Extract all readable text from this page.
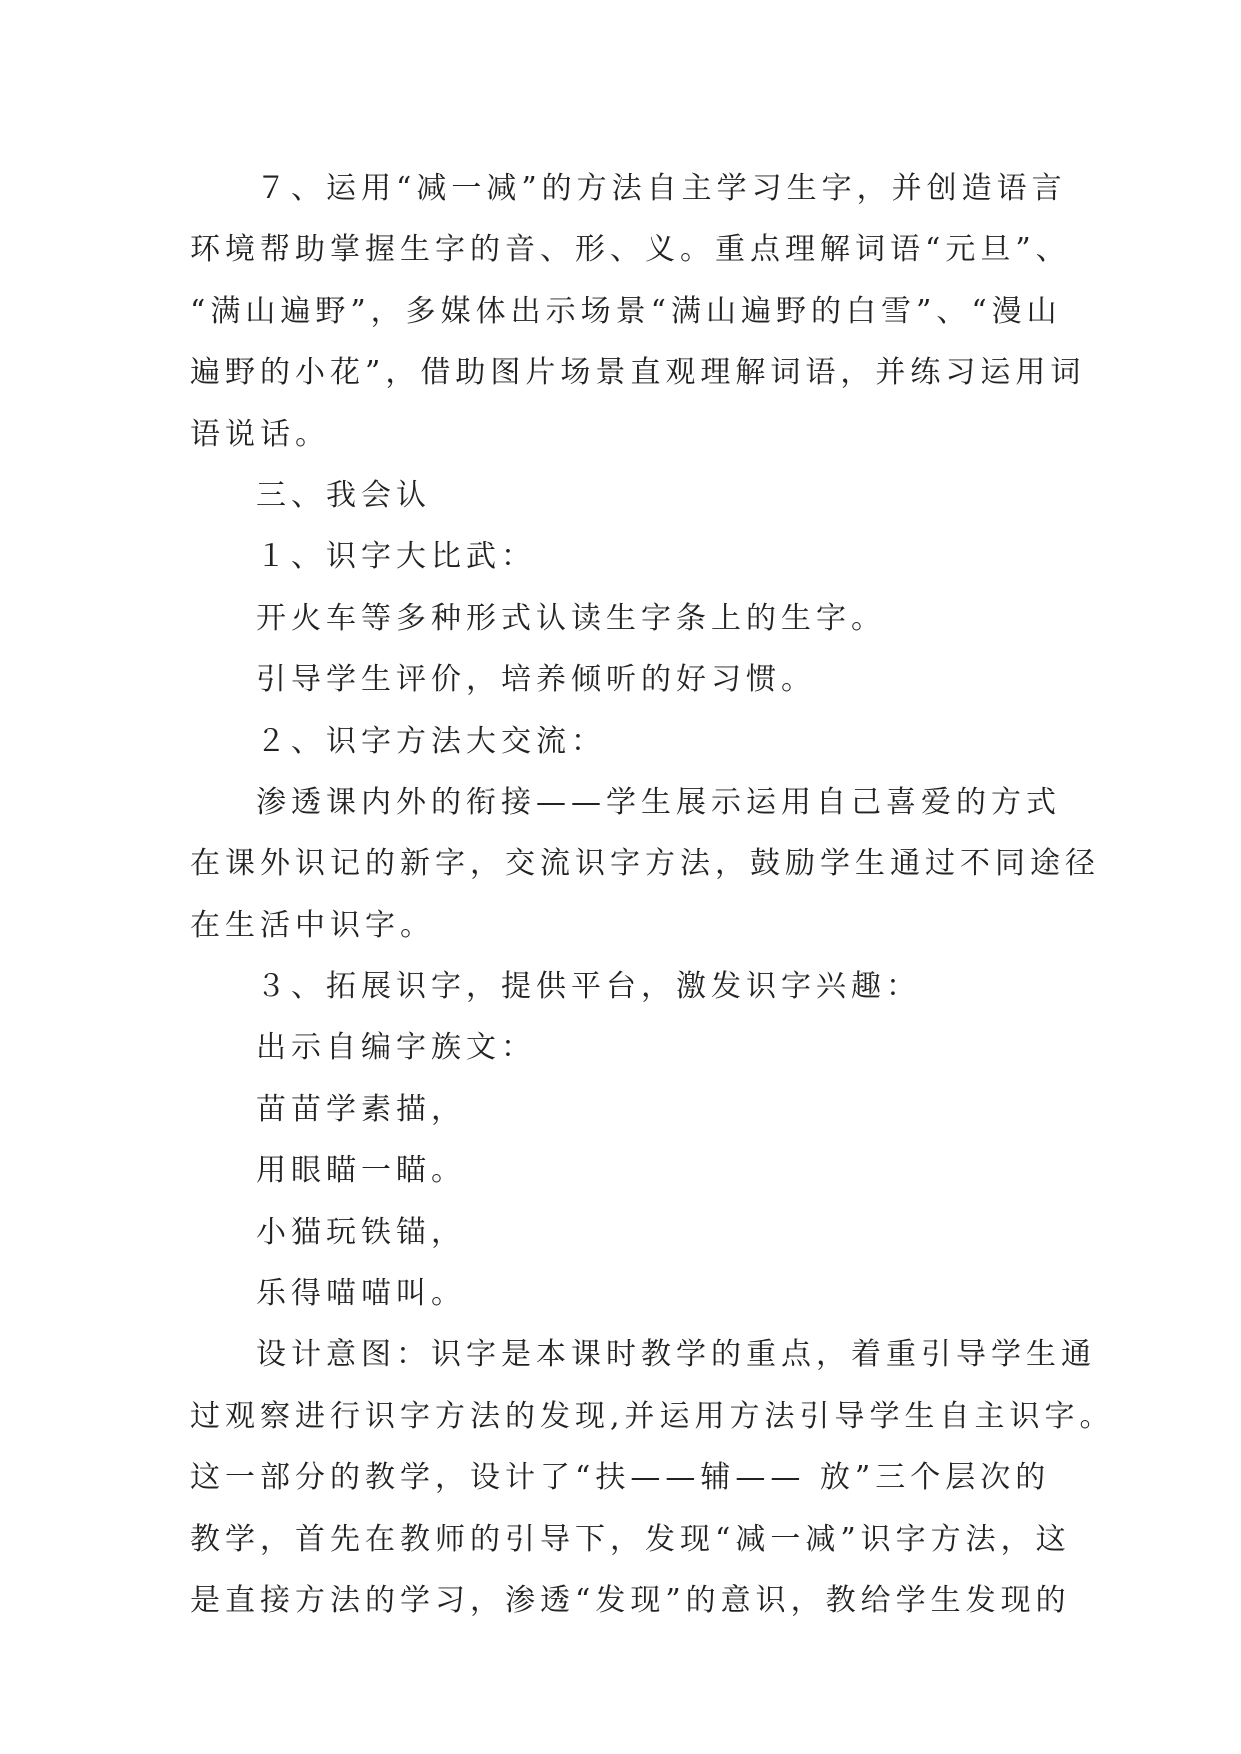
７、运用“减一减”的方法自主学习生字，并创造语言
环境帮助掌握生字的音、形、义。重点理解词语“元旦”、
“满山遍野”，多媒体出示场景“满山遍野的白雪”、“漫山
遍野的小花”，借助图片场景直观理解词语，并练习运用词
语说话。
三、我会认
１、识字大比武：
开火车等多种形式认读生字条上的生字。
引导学生评价，培养倾听的好习惯。
２、识字方法大交流：
渗透课内外的衔接——学生展示运用自己喜爱的方式
在课外识记的新字，交流识字方法，鼓励学生通过不同途径
在生活中识字。
３、拓展识字，提供平台，激发识字兴趣：
出示自编字族文：
苗苗学素描，
用眼瞄一瞄。
小猫玩铁锚，
乐得喵喵叫。
设计意图：识字是本课时教学的重点，着重引导学生通
过观察进行识字方法的发现,并运用方法引导学生自主识字。
这一部分的教学，设计了“扶——辅—— 放”三个层次的
教学，首先在教师的引导下，发现“减一减”识字方法，这
是直接方法的学习，渗透“发现”的意识，教给学生发现的
